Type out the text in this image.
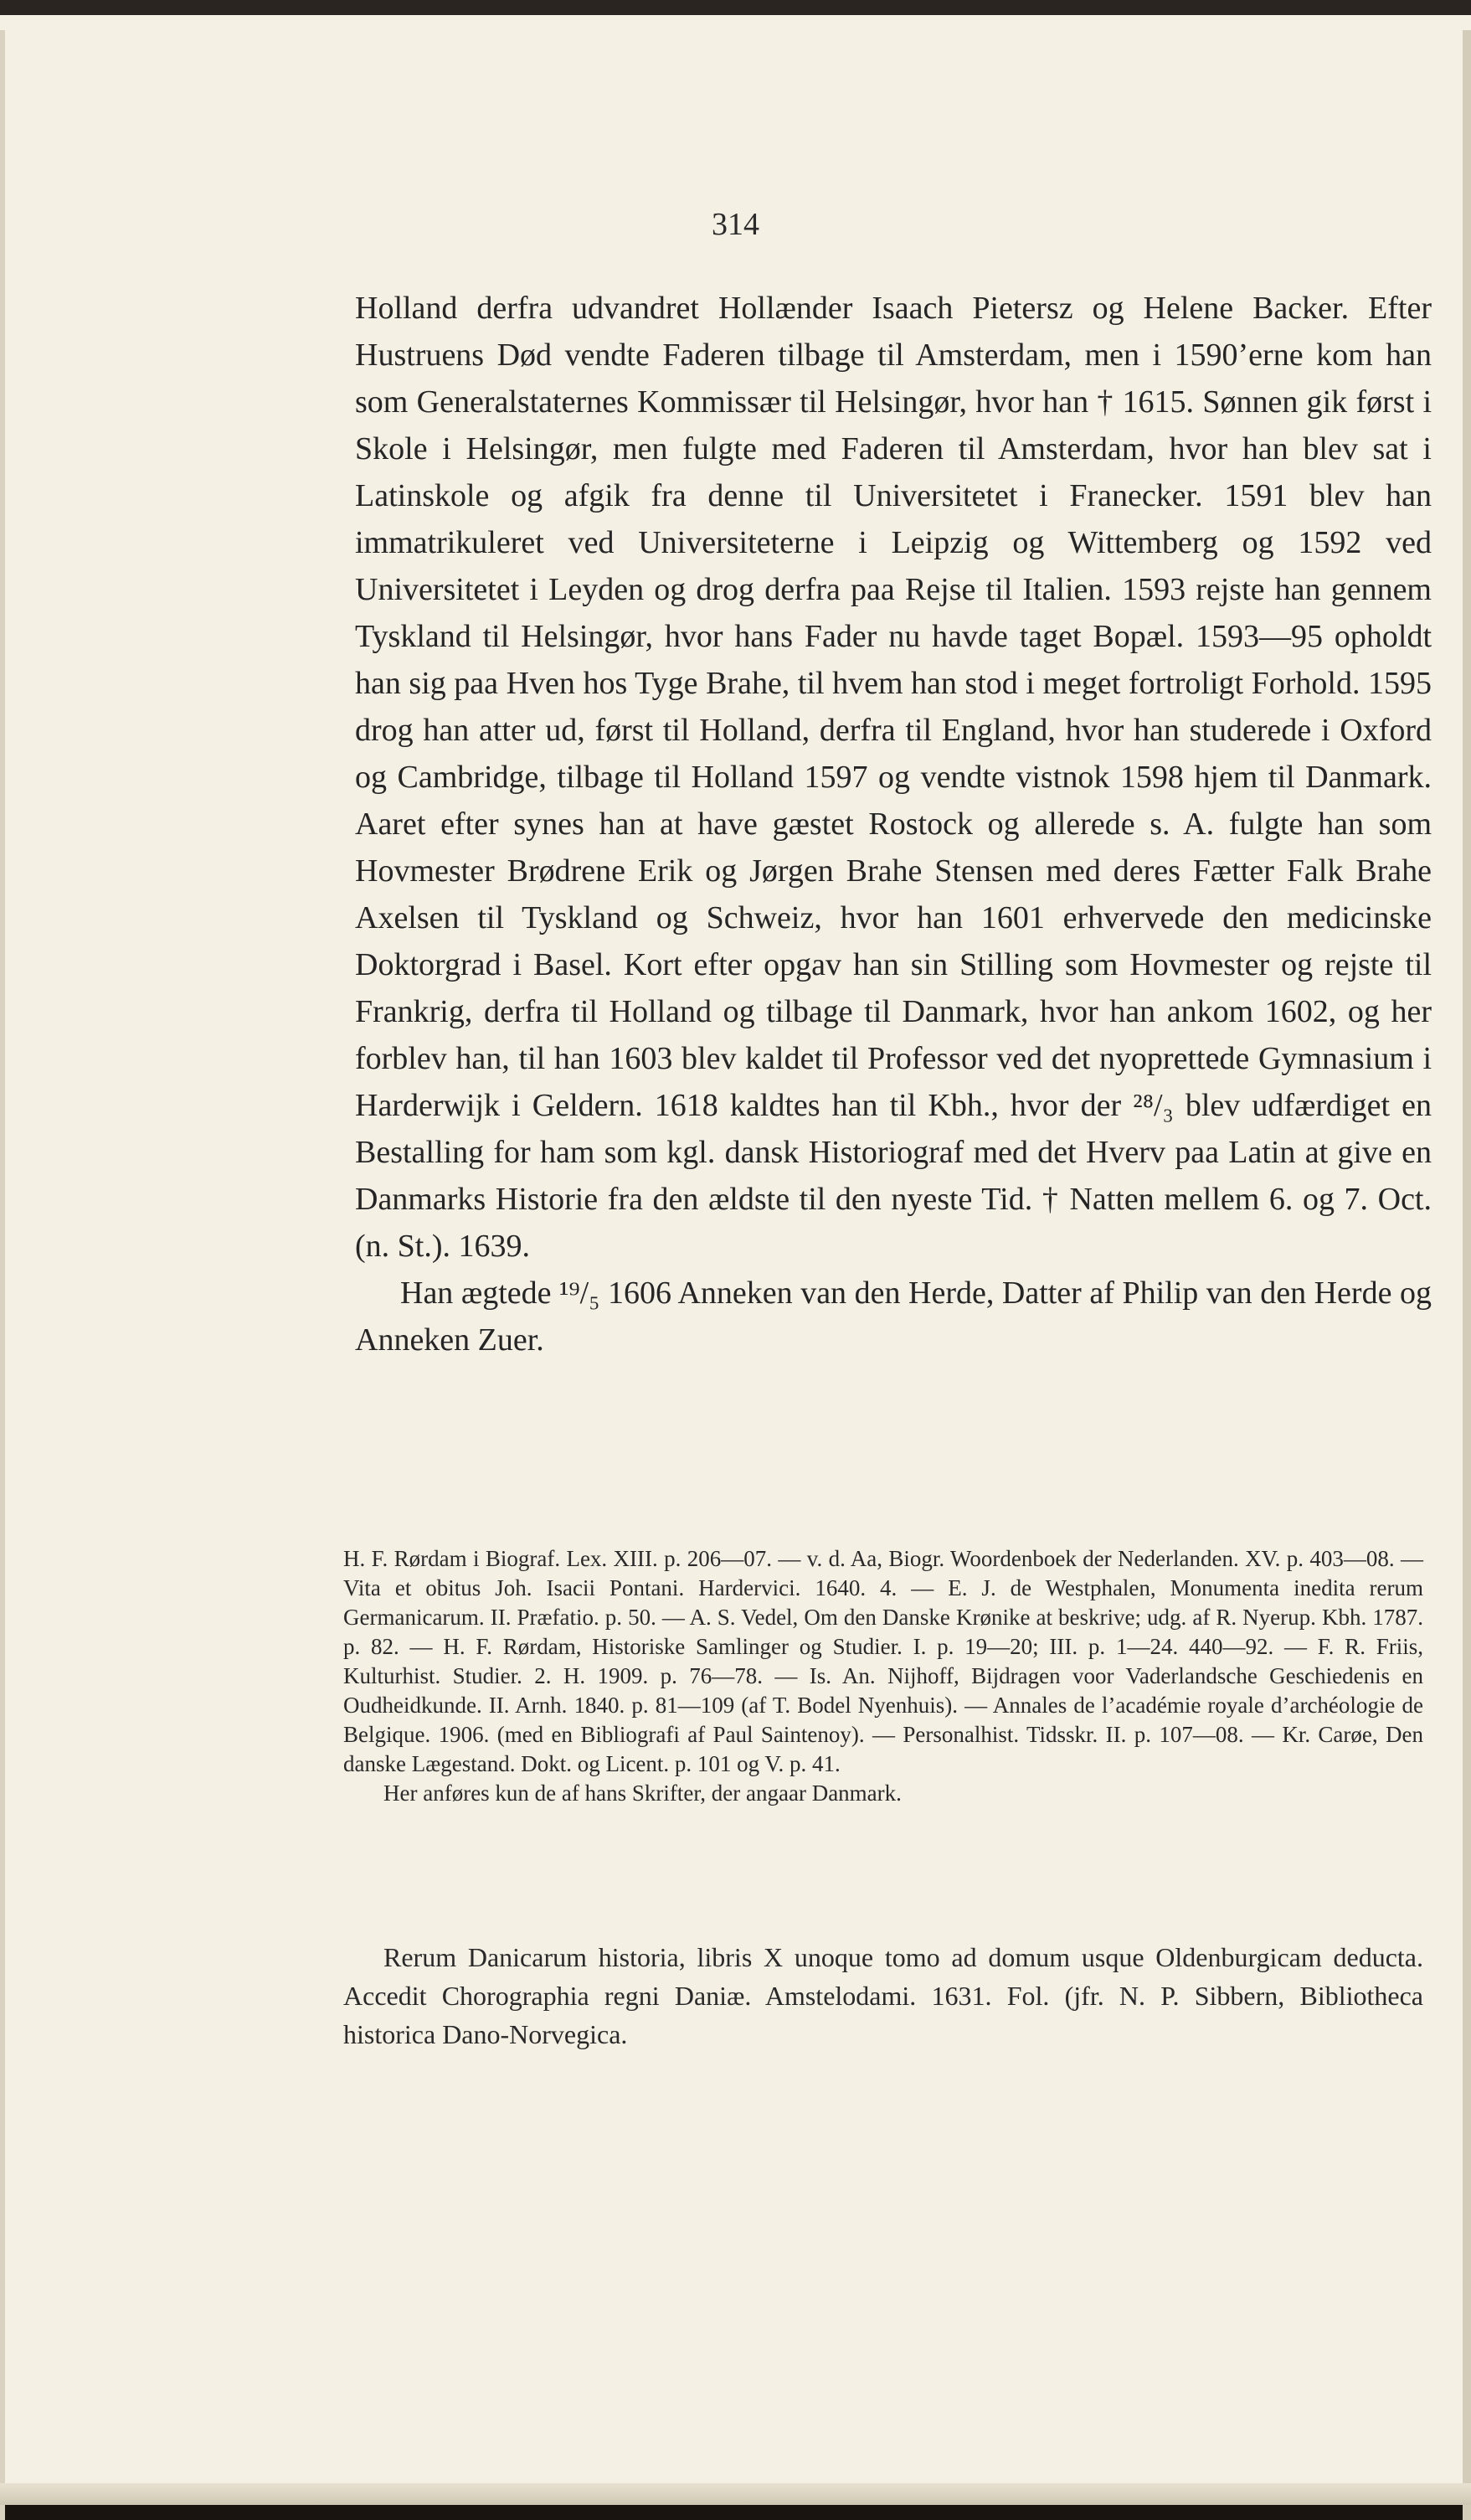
314

Holland derfra udvandret Hollænder Isaach Pietersz og Helene Backer. Efter Hustruens Død vendte Faderen tilbage til Amsterdam, men i 1590’erne kom han som Generalstaternes Kommissær til Helsingør, hvor han † 1615. Sønnen gik først i Skole i Helsingør, men fulgte med Faderen til Amsterdam, hvor han blev sat i Latinskole og afgik fra denne til Universitetet i Franecker. 1591 blev han immatrikuleret ved Universiteterne i Leipzig og Wittemberg og 1592 ved Universitetet i Leyden og drog derfra paa Rejse til Italien. 1593 rejste han gennem Tyskland til Helsingør, hvor hans Fader nu havde taget Bopæl. 1593—95 opholdt han sig paa Hven hos Tyge Brahe, til hvem han stod i meget fortroligt Forhold. 1595 drog han atter ud, først til Holland, derfra til England, hvor han studerede i Oxford og Cambridge, tilbage til Holland 1597 og vendte vistnok 1598 hjem til Danmark. Aaret efter synes han at have gæstet Rostock og allerede s. A. fulgte han som Hovmester Brødrene Erik og Jørgen Brahe Stensen med deres Fætter Falk Brahe Axelsen til Tyskland og Schweiz, hvor han 1601 erhvervede den medicinske Doktorgrad i Basel. Kort efter opgav han sin Stilling som Hovmester og rejste til Frankrig, derfra til Holland og tilbage til Danmark, hvor han ankom 1602, og her forblev han, til han 1603 blev kaldet til Professor ved det nyoprettede Gymnasium i Harderwijk i Geldern. 1618 kaldtes han til Kbh., hvor der ²⁸/₃ blev udfærdiget en Bestalling for ham som kgl. dansk Historiograf med det Hverv paa Latin at give en Danmarks Historie fra den ældste til den nyeste Tid. † Natten mellem 6. og 7. Oct. (n. St.). 1639.

Han ægtede ¹⁹/₅ 1606 Anneken van den Herde, Datter af Philip van den Herde og Anneken Zuer.

H. F. Rørdam i Biograf. Lex. XIII. p. 206—07. — v. d. Aa, Biogr. Woordenboek der Nederlanden. XV. p. 403—08. — Vita et obitus Joh. Isacii Pontani. Hardervici. 1640. 4. — E. J. de Westphalen, Monumenta inedita rerum Germanicarum. II. Præfatio. p. 50. — A. S. Vedel, Om den Danske Krønike at beskrive; udg. af R. Nyerup. Kbh. 1787. p. 82. — H. F. Rørdam, Historiske Samlinger og Studier. I. p. 19—20; III. p. 1—24. 440—92. — F. R. Friis, Kulturhist. Studier. 2. H. 1909. p. 76—78. — Is. An. Nijhoff, Bijdragen voor Vaderlandsche Geschiedenis en Oudheidkunde. II. Arnh. 1840. p. 81—109 (af T. Bodel Nyenhuis). — Annales de l’académie royale d’archéologie de Belgique. 1906. (med en Bibliografi af Paul Saintenoy). — Personalhist. Tidsskr. II. p. 107—08. — Kr. Carøe, Den danske Lægestand. Dokt. og Licent. p. 101 og V. p. 41.

Her anføres kun de af hans Skrifter, der angaar Danmark.

Rerum Danicarum historia, libris X unoque tomo ad domum usque Oldenburgicam deducta. Accedit Chorographia regni Daniæ. Amstelodami. 1631. Fol. (jfr. N. P. Sibbern, Bibliotheca historica Dano-Norvegica.
